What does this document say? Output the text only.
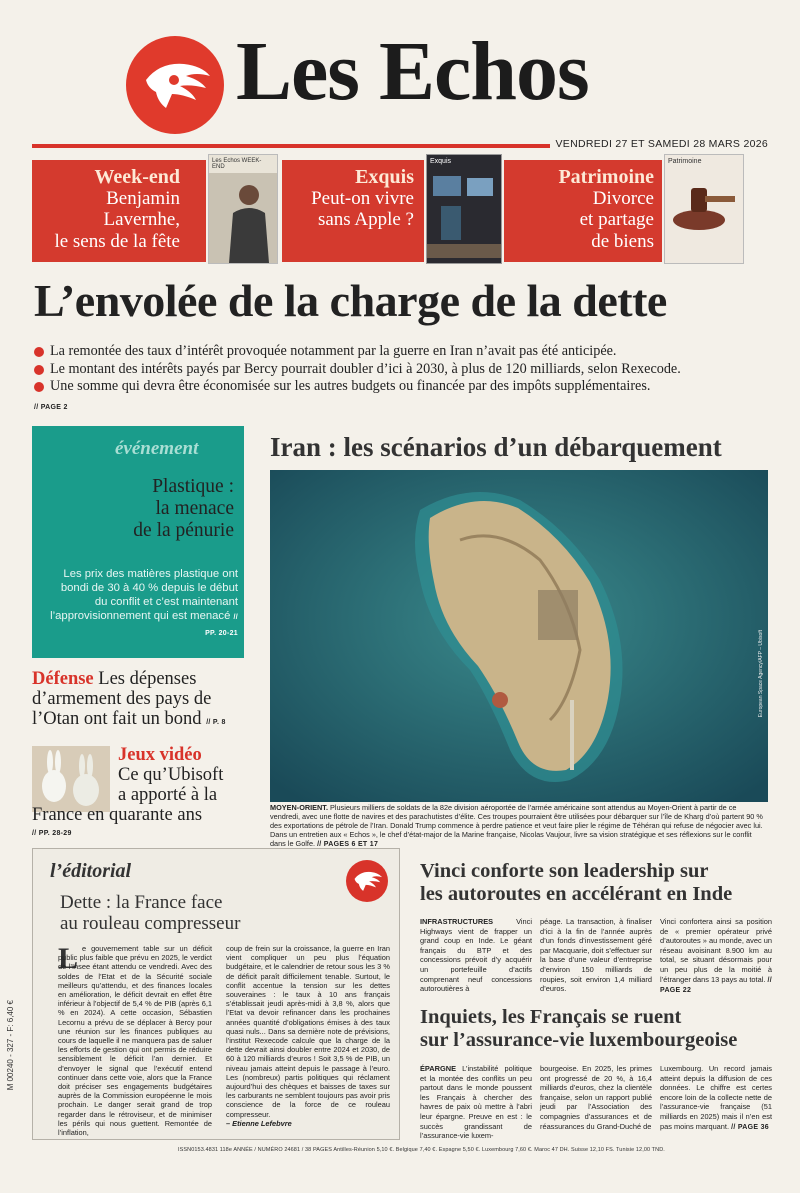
Les Echos
VENDREDI 27 ET SAMEDI 28 MARS 2026
Week-end
Benjamin
Lavernhe,
le sens de la fête
Les Echos WEEK-END	Exquis
Peut-on vivre
sans Apple ?
Exquis
Patrimoine
Divorce
et partage
de biens
Patrimoine
L’envolée de la charge de la dette
La remontée des taux d’intérêt provoquée notamment par la guerre en Iran n’avait pas été anticipée.
Le montant des intérêts payés par Bercy pourrait doubler d’ici à 2030, à plus de 120 milliards, selon Rexecode.
Une somme qui devra être économisée sur les autres budgets ou financée par des impôts supplémentaires.
// PAGE 2
événement
Plastique :
la menace
de la pénurie
Les prix des matières plastique ont bondi de 30 à 40 % depuis le début du conflit et c’est maintenant l’approvisionnement qui est menacé // PP. 20-21
Défense Les dépenses d’armement des pays de l’Otan ont fait un bond // P. 8
Jeux vidéo
Ce qu’Ubisoft
a apporté à la
France en quarante ans
// PP. 28-29
Iran : les scénarios d’un débarquement
European Space Agency/AFP – Ubisoft
MOYEN-ORIENT. Plusieurs milliers de soldats de la 82e division aéroportée de l’armée américaine sont attendus au Moyen-Orient à partir de ce vendredi, avec une flotte de navires et des parachutistes d’élite. Ces troupes pourraient être utilisées pour débarquer sur l’île de Kharg d’où partent 90 % des exportations de pétrole de l’Iran. Donald Trump commence à perdre patience et veut faire plier le régime de Téhéran qui refuse de négocier avec lui. Dans un entretien aux « Echos », le chef d’état-major de la Marine française, Nicolas Vaujour, livre sa vision stratégique et ses réflexions sur le conflit dans le Golfe. // PAGES 6 ET 17
l’éditorial
Dette : la France face
au rouleau compresseur
L e gouvernement table sur un déficit public plus faible que prévu en 2025, le verdict de l’Insee étant attendu ce vendredi. Avec des soldes de l’Etat et de la Sécurité sociale meilleurs qu’attendu, et des finances locales en amélioration, le déficit devrait en effet être inférieur à l’objectif de 5,4 % de PIB (après 6,1 % en 2024). A cette occasion, Sébastien Lecornu a prévu de se déplacer à Bercy pour une réunion sur les finances publiques au cours de laquelle il ne manquera pas de saluer les efforts de gestion qui ont permis de réduire sensiblement le déficit l’an dernier. Et d’envoyer le signal que l’exécutif entend continuer dans cette voie, alors que la France doit préciser ses engagements budgétaires auprès de la Commission européenne le mois prochain. Le danger serait grand de trop regarder dans le rétroviseur, et de minimiser les périls qui nous guettent. Remontée de l’inflation,
coup de frein sur la croissance, la guerre en Iran vient compliquer un peu plus l’équation budgétaire, et le calendrier de retour sous les 3 % de déficit paraît difficilement tenable. Surtout, le conflit accentue la tension sur les dettes souveraines : le taux à 10 ans français s’établissait jeudi après-midi à 3,8 %, alors que l’Etat va devoir refinancer dans les prochaines années quantité d’obligations émises à des taux quasi nuls... Dans sa dernière note de prévisions, l’institut Rexecode calcule que la charge de la dette devrait ainsi doubler entre 2024 et 2030, de 60 à 120 milliards d’euros ! Soit 3,5 % de PIB, un niveau jamais atteint depuis le passage à l’euro. Les (nombreux) partis politiques qui réclament aujourd’hui des chèques et baisses de taxes sur les carburants ne semblent toujours pas avoir pris conscience de la force de ce rouleau compresseur.
– Etienne Lefebvre
Vinci conforte son leadership sur
les autoroutes en accélérant en Inde
INFRASTRUCTURES	Vinci Highways vient de frapper un grand coup en Inde. Le géant français du BTP et des concessions prévoit d’y acquérir un portefeuille d’actifs comprenant neuf concessions autoroutières à
péage. La transaction, à finaliser d’ici à la fin de l’année auprès d’un fonds d’investissement géré par Macquarie, doit s’effectuer sur la base d’une valeur d’entreprise d’environ 150 milliards de roupies, soit environ 1,4 milliard d’euros.
Vinci confortera ainsi sa position de « premier opérateur privé d’autoroutes » au monde, avec un réseau avoisinant 8.900 km au total, se situant désormais pour un peu plus de la moitié à l’étranger dans 13 pays au total. // PAGE 22
Inquiets, les Français se ruent
sur l’assurance-vie luxembourgeoise
ÉPARGNE L’instabilité politique et la montée des conflits un peu partout dans le monde poussent les Français à chercher des havres de paix où mettre à l’abri leur épargne. Preuve en est : le succès grandissant de l’assurance-vie luxem-
bourgeoise. En 2025, les primes ont progressé de 20 %, à 16,4 milliards d’euros, chez la clientèle française, selon un rapport publié jeudi par l’Association des compagnies d’assurances et de réassurances du Grand-Duché de
Luxembourg. Un record jamais atteint depuis la diffusion de ces données. Le chiffre est certes encore loin de la collecte nette de l’assurance-vie française (51 milliards en 2025) mais il n’en est pas moins marquant. // PAGE 36
M 00240 - 327 - F: 6,40 €
ISSN0153.4831 118e ANNÉE / NUMÉRO 24681 / 38 PAGES Antilles-Réunion 5,10 €. Belgique 7,40 €. Espagne 5,50 €. Luxembourg 7,60 €. Maroc 47 DH. Suisse 12,10 FS. Tunisie 12,00 TND.
